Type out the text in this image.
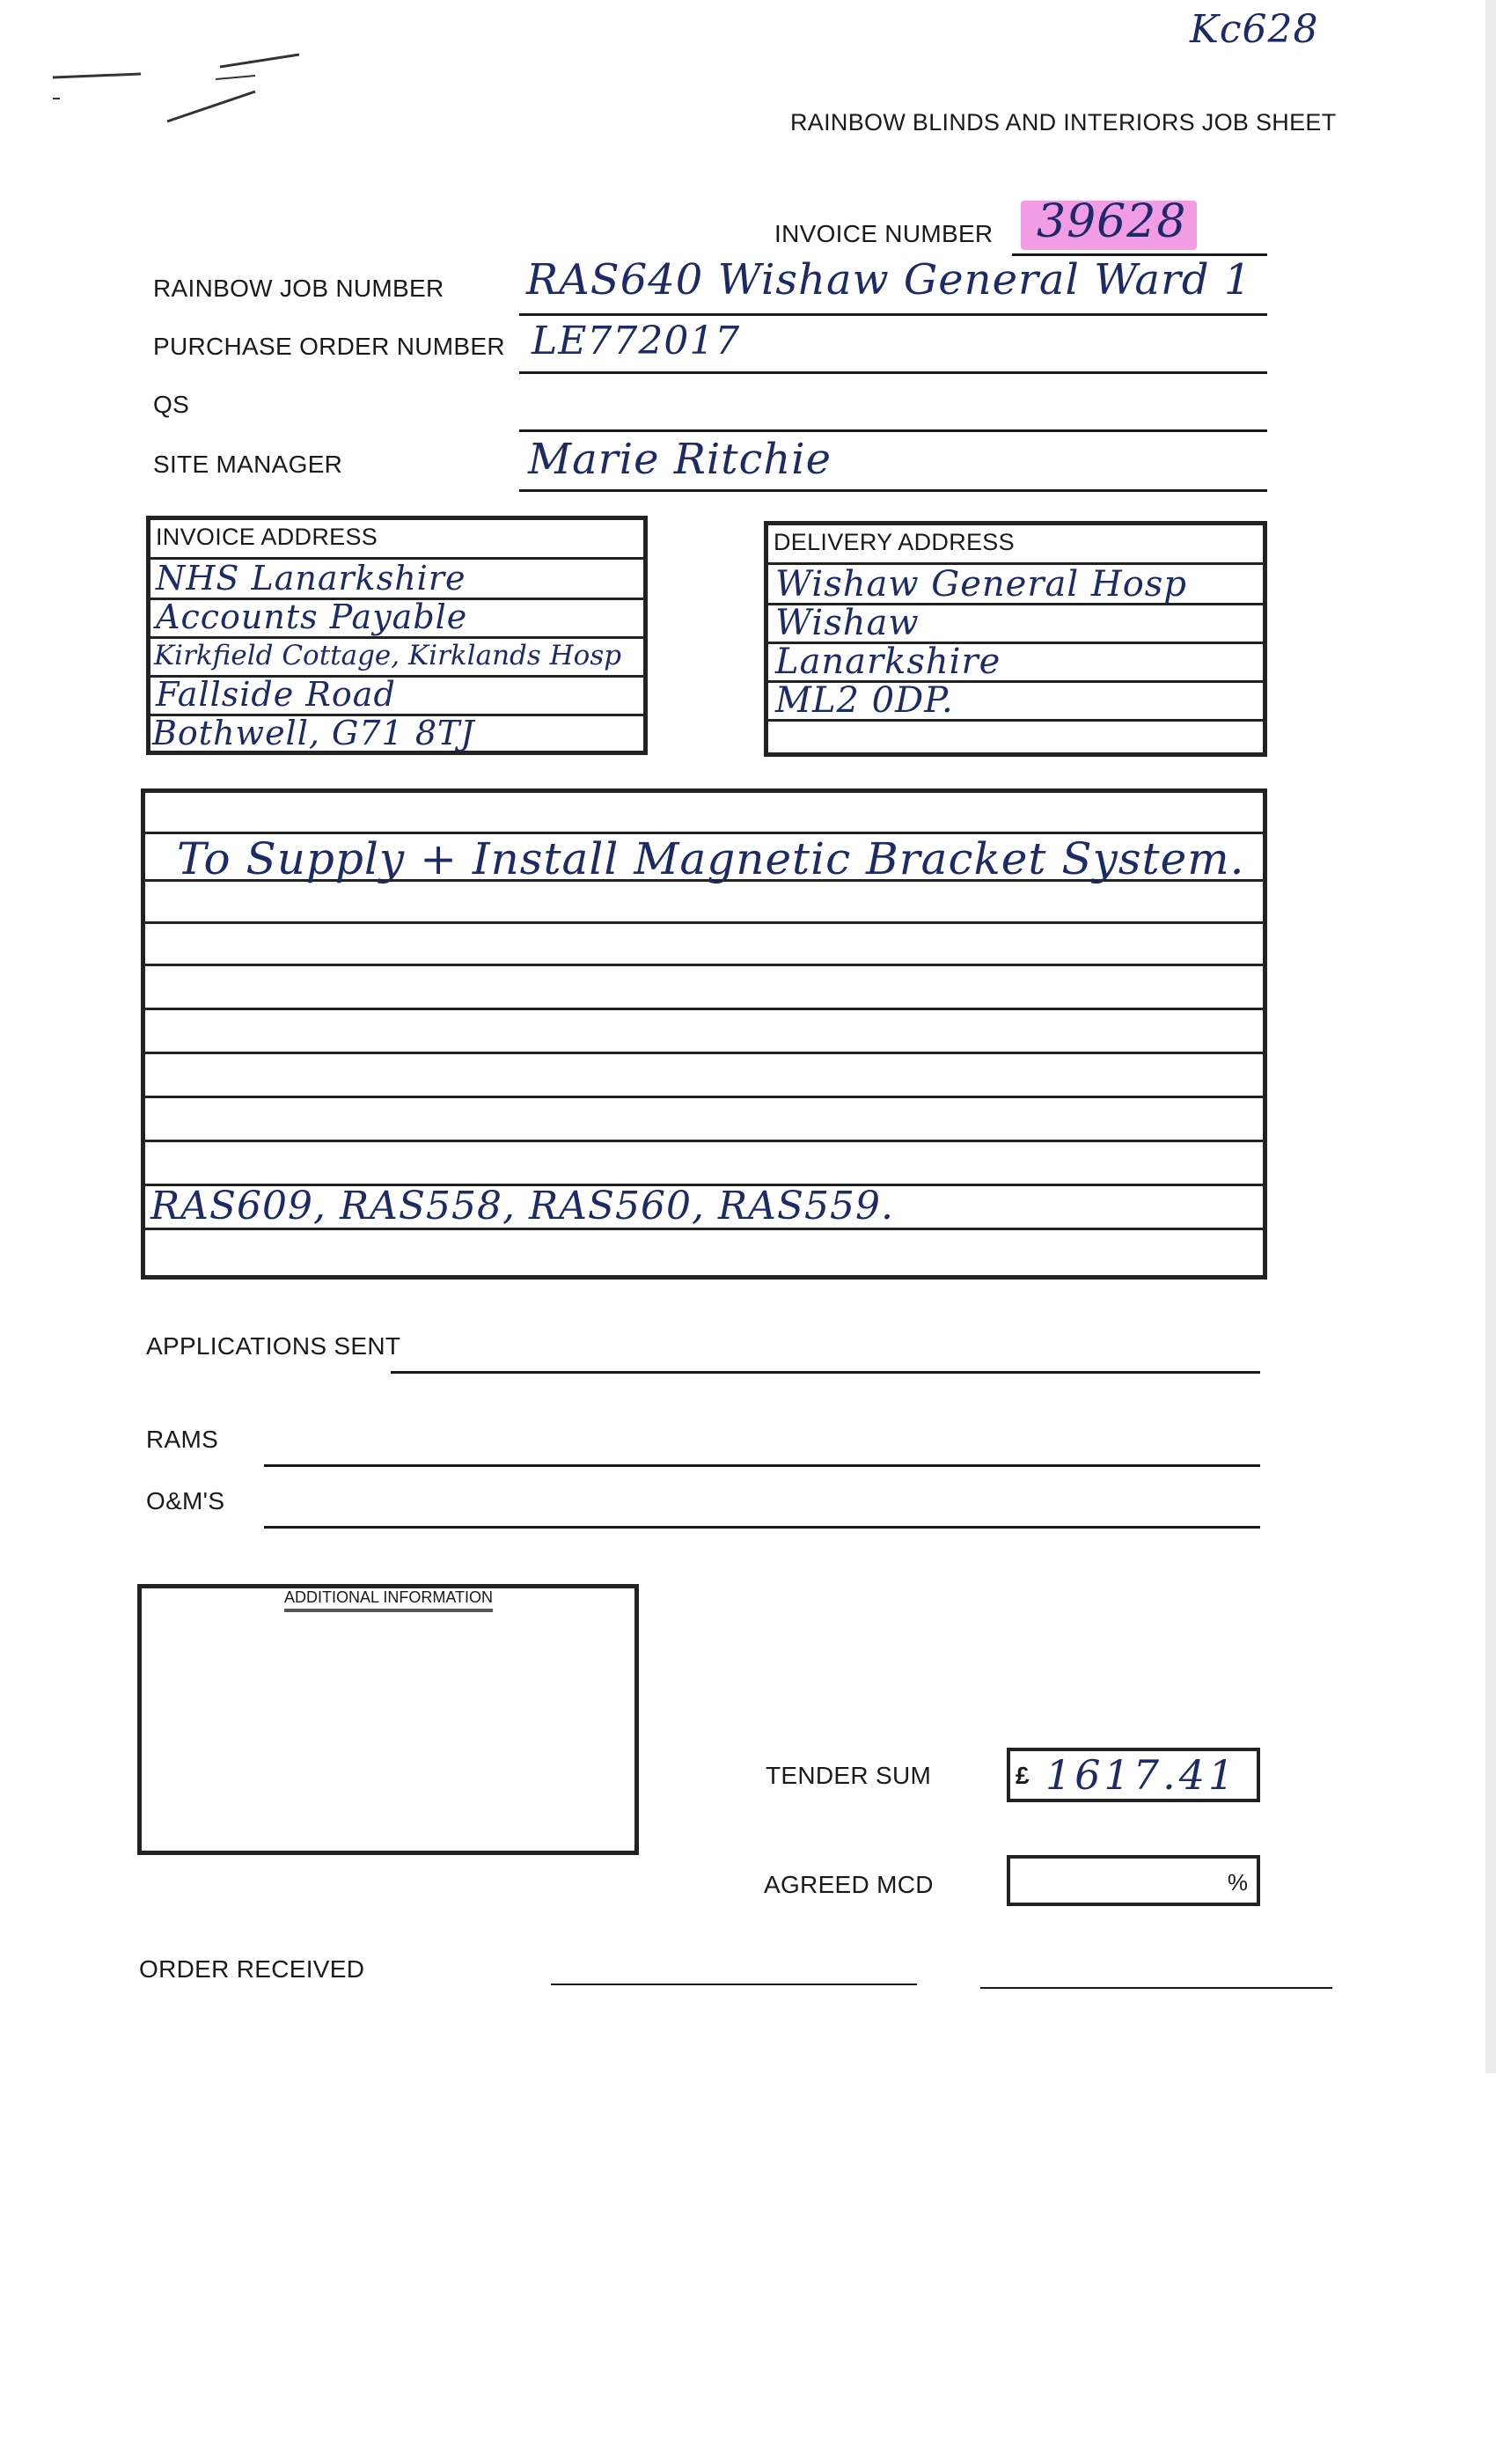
Kc628
RAINBOW BLINDS AND INTERIORS JOB SHEET
INVOICE NUMBER 39628
RAINBOW JOB NUMBER RAS640 Wishaw General Ward 1
PURCHASE ORDER NUMBER LE772017
QS
SITE MANAGER	Marie Ritchie
INVOICE ADDRESS
NHS Lanarkshire
Accounts Payable
Kirkfield Cottage, Kirklands Hosp
Fallside Road
Bothwell, G71 8TJ
DELIVERY ADDRESS
Wishaw General Hosp
Wishaw
Lanarkshire
ML2 0DP.
To Supply + Install Magnetic Bracket System.
RAS609, RAS558, RAS560, RAS559.
APPLICATIONS SENT
RAMS
O&M'S
ADDITIONAL INFORMATION
TENDER SUM	£ 1617.41
AGREED MCD	%
ORDER RECEIVED
